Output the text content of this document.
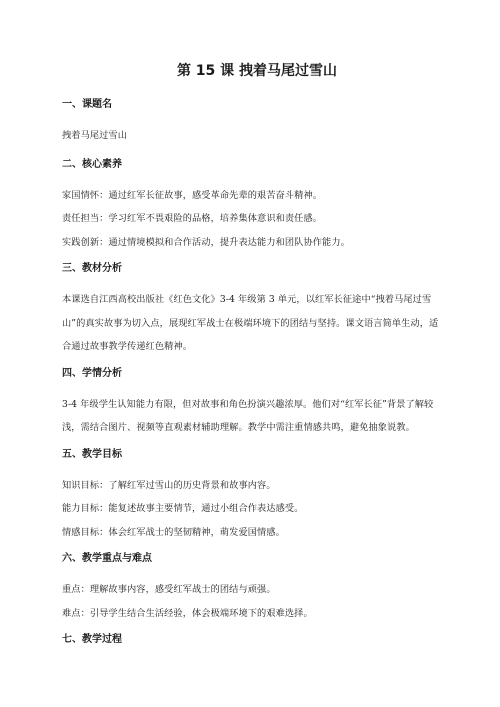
第 15 课 拽着马尾过雪山
一、课题名

拽着马尾过雪山

二、核心素养

家国情怀：通过红军长征故事，感受革命先辈的艰苦奋斗精神。

责任担当：学习红军不畏艰险的品格，培养集体意识和责任感。

实践创新：通过情境模拟和合作活动，提升表达能力和团队协作能力。

三、教材分析

本课选自江西高校出版社《红色文化》3-4 年级第 3 单元，以红军长征途中“拽着马尾过雪山”的真实故事为切入点，展现红军战士在极端环境下的团结与坚持。课文语言简单生动，适合通过故事教学传递红色精神。

四、学情分析

3-4 年级学生认知能力有限，但对故事和角色扮演兴趣浓厚。他们对“红军长征”背景了解较浅，需结合图片、视频等直观素材辅助理解。教学中需注重情感共鸣，避免抽象说教。

五、教学目标

知识目标：了解红军过雪山的历史背景和故事内容。

能力目标：能复述故事主要情节，通过小组合作表达感受。

情感目标：体会红军战士的坚韧精神，萌发爱国情感。

六、教学重点与难点

重点：理解故事内容，感受红军战士的团结与顽强。

难点：引导学生结合生活经验，体会极端环境下的艰难选择。

七、教学过程
